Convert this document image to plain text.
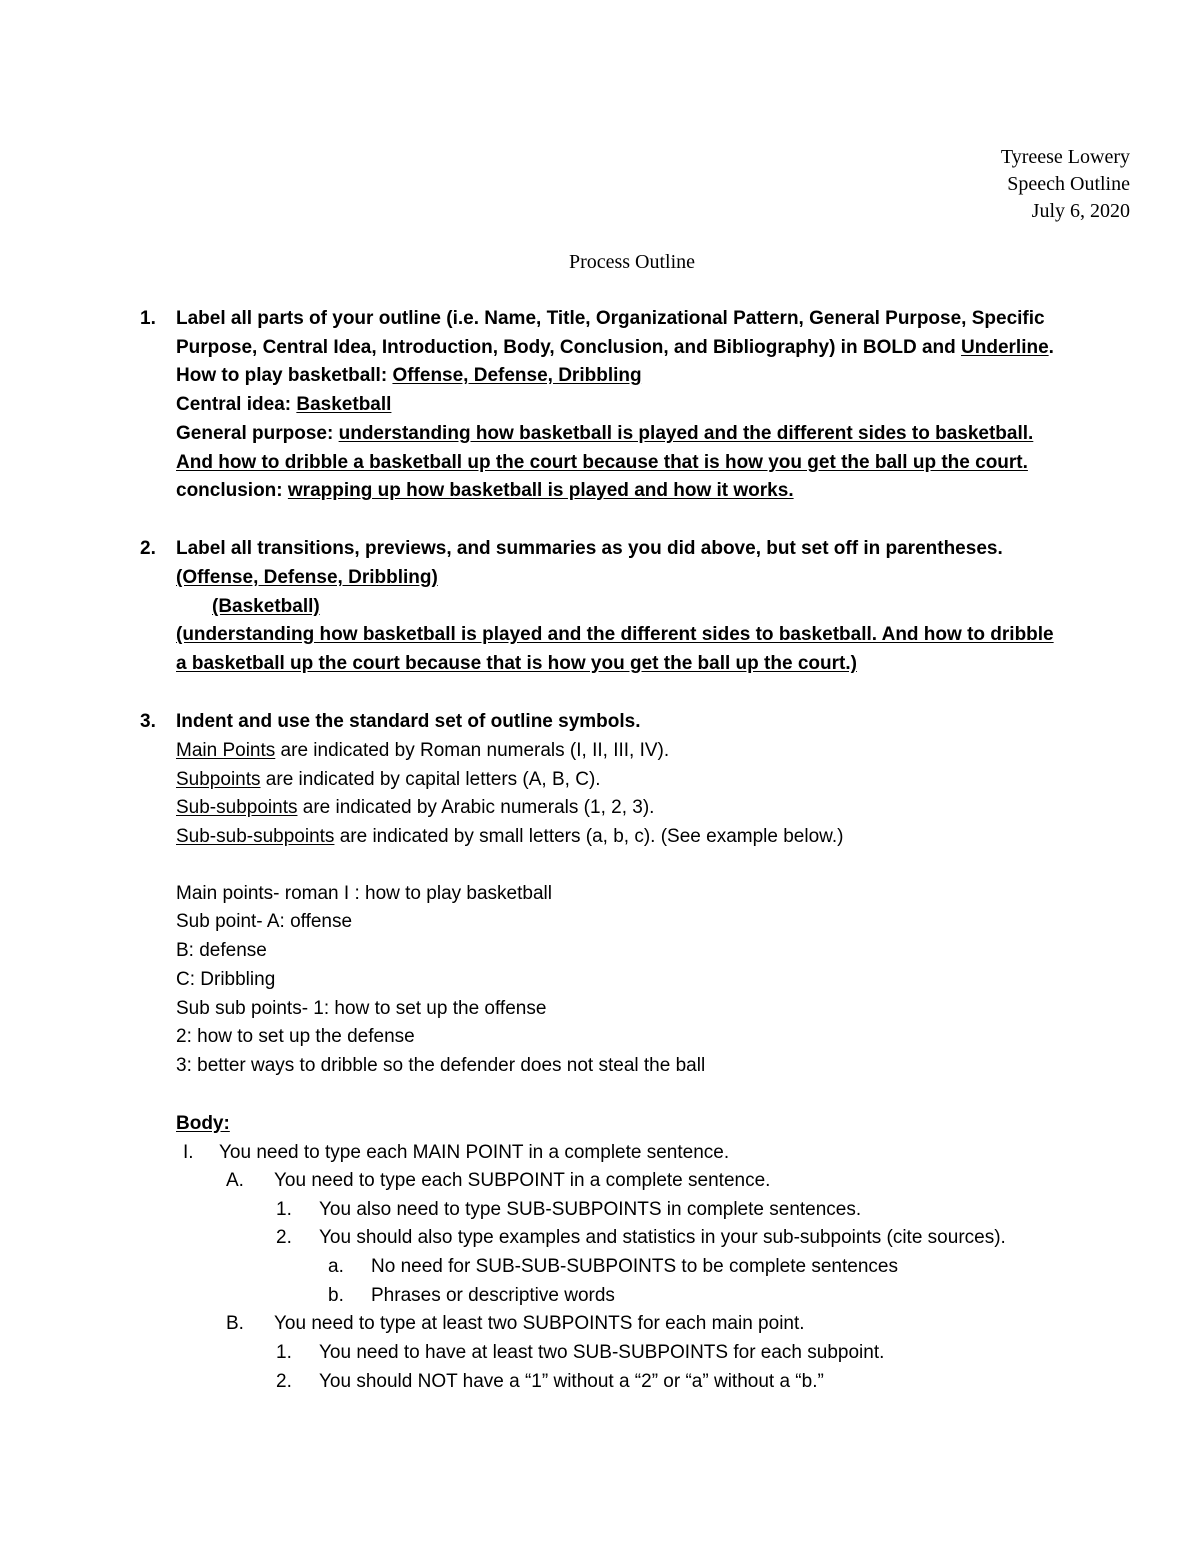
Tyreese Lowery
Speech Outline
July 6, 2020
Process Outline
1. Label all parts of your outline (i.e. Name, Title, Organizational Pattern, General Purpose, Specific
Purpose, Central Idea, Introduction, Body, Conclusion, and Bibliography) in BOLD and Underline.
How to play basketball: Offense, Defense, Dribbling
Central idea: Basketball
General purpose: understanding how basketball is played and the different sides to basketball.
And how to dribble a basketball up the court because that is how you get the ball up the court.
conclusion: wrapping up how basketball is played and how it works.
2. Label all transitions, previews, and summaries as you did above, but set off in parentheses.
(Offense, Defense, Dribbling)
(Basketball)
(understanding how basketball is played and the different sides to basketball. And how to dribble
a basketball up the court because that is how you get the ball up the court.)
3. Indent and use the standard set of outline symbols.
Main Points are indicated by Roman numerals (I, II, III, IV).
Subpoints are indicated by capital letters (A, B, C).
Sub-subpoints are indicated by Arabic numerals (1, 2, 3).
Sub-sub-subpoints are indicated by small letters (a, b, c). (See example below.)
Main points- roman I : how to play basketball
Sub point- A: offense
B: defense
C: Dribbling
Sub sub points- 1: how to set up the offense
2: how to set up the defense
3: better ways to dribble so the defender does not steal the ball
Body:
I. You need to type each MAIN POINT in a complete sentence.
A. You need to type each SUBPOINT in a complete sentence.
1. You also need to type SUB-SUBPOINTS in complete sentences.
2. You should also type examples and statistics in your sub-subpoints (cite sources).
a. No need for SUB-SUB-SUBPOINTS to be complete sentences
b. Phrases or descriptive words
B. You need to type at least two SUBPOINTS for each main point.
1. You need to have at least two SUB-SUBPOINTS for each subpoint.
2. You should NOT have a “1” without a “2” or “a” without a “b.”
